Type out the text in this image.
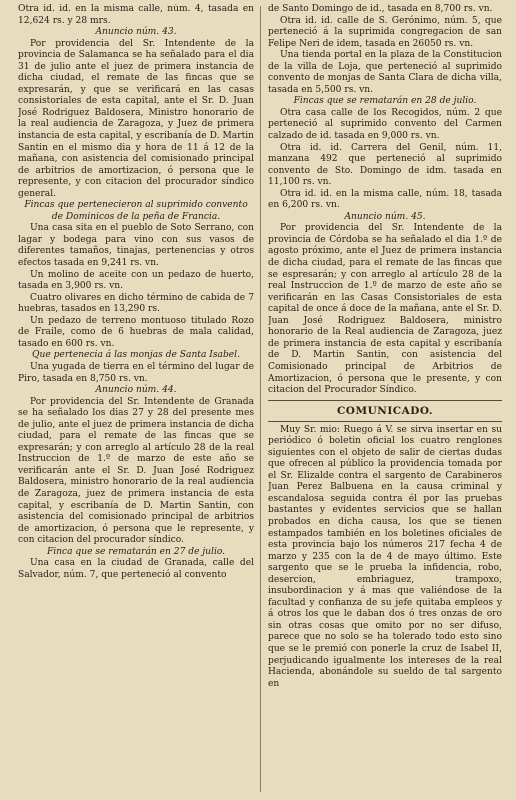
Otra id. id. en la misma calle, núm. 4, tasada en 12,624 rs. y 28 mrs.

Anuncio núm. 43.

Por providencia del Sr. Intendente de la provincia de Salamanca se ha señalado para el dia 31 de julio ante el juez de primera instancia de dicha ciudad, el remate de las fincas que se expresarán, y que se verificará en las casas consistoriales de esta capital, ante el Sr. D. Juan José Rodriguez Baldosera, Ministro honorario de la real audiencia de Zaragoza, y Juez de primera instancia de esta capital, y escribanía de D. Martin Santin en el mismo dia y hora de 11 á 12 de la mañana, con asistencia del comisionado principal de arbitrios de amortizacion, ó persona que le represente, y con citacion del procurador síndico general.

Fincas que pertenecieron al suprimido convento de Dominicos de la peña de Francia.

Una casa sita en el pueblo de Soto Serrano, con lagar y bodega para vino con sus vasos de diferentes tamaños, tinajas, pertenencias y otros efectos tasada en 9,241 rs. vn.

Un molino de aceite con un pedazo de huerto, tasada en 3,900 rs. vn.

Cuatro olivares en dicho término de cabida de 7 huebras, tasados en 13,290 rs.

Un pedazo de terreno montuoso titulado Rozo de Fraile, como de 6 huebras de mala calidad, tasado en 600 rs. vn.

Que pertenecia á las monjas de Santa Isabel.

Una yugada de tierra en el término del lugar de Piro, tasada en 8,750 rs. vn.

Anuncio núm. 44.

Por providencia del Sr. Intendente de Granada se ha señalado los dias 27 y 28 del presente mes de julio, ante el juez de primera instancia de dicha ciudad, para el remate de las fincas que se expresarán; y con arreglo al artículo 28 de la real Instruccion de 1.º de marzo de este año se verificarán ante el Sr. D. Juan José Rodriguez Baldosera, ministro honorario de la real audiencia de Zaragoza, juez de primera instancia de esta capital, y escribanía de D. Martin Santin, con asistencia del comisionado principal de arbitrios de amortizacion, ó persona que le represente, y con citacion del procurador síndico.

Finca que se rematarán en 27 de julio.

Una casa en la ciudad de Granada, calle del Salvador, núm. 7, que perteneció al convento

de Santo Domingo de id., tasada en 8,700 rs. vn.

Otra id. id. calle de S. Gerónimo, núm. 5, que perteneció á la suprimida congregacion de san Felipe Neri de idem, tasada en 26050 rs. vn.

Una tienda portal en la plaza de la Constitucion de la villa de Loja, que perteneció al suprimido convento de monjas de Santa Clara de dicha villa, tasada en 5,500 rs. vn.

Fincas que se rematarán en 28 de julio.

Otra casa calle de los Recogidos, núm. 2 que perteneció al suprimido convento del Carmen calzado de id. tasada en 9,000 rs. vn.

Otra id. id. Carrera del Genil, núm. 11, manzana 492 que perteneció al suprimido convento de Sto. Domingo de idm. tasada en 11,100 rs. vn.

Otra id. id. en la misma calle, núm. 18, tasada en 6,200 rs. vn.

Anuncio núm. 45.

Por providencia del Sr. Intendente de la provincia de Córdoba se ha señalado el dia 1.º de agosto próximo, ante el Juez de primera instancia de dicha ciudad, para el remate de las fincas que se espresarán; y con arreglo al artículo 28 de la real Instruccion de 1.º de marzo de este año se verificarán en las Casas Consistoriales de esta capital de once á doce de la mañana, ante el Sr. D. Juan José Rodriguez Baldosera, ministro honorario de la Real audiencia de Zaragoza, juez de primera instancia de esta capital y escribanía de D. Martin Santin, con asistencia del Comisionado principal de Arbitrios de Amortizacion, ó persona que le presente, y con citacion del Procurador Síndico.

COMUNICADO.

Muy Sr. mio: Ruego á V. se sirva insertar en su periódico ó boletin oficial los cuatro renglones siguientes con el objeto de salir de ciertas dudas que ofrecen al público la providencia tomada por el Sr. Elizalde contra el sargento de Carabineros Juan Perez Balbuena en la causa criminal y escandalosa seguida contra él por las pruebas bastantes y evidentes servicios que se hallan probados en dicha causa, los que se tienen estampados también en los boletines oficiales de esta provincia bajo los números 217 fecha 4 de marzo y 235 con la de 4 de mayo último. Este sargento que se le prueba la infidencia, robo, desercion, embriaguez, trampoxo, insubordinacion y á mas que valiéndose de la facultad y confianza de su jefe quitaba empleos y á otros los que le daban dos ó tres onzas de oro sin otras cosas que omito por no ser difuso, parece que no solo se ha tolerado todo esto sino que se le premió con ponerle la cruz de Isabel II, perjudicando igualmente los intereses de la real Hacienda, abonándole su sueldo de tal sargento en
